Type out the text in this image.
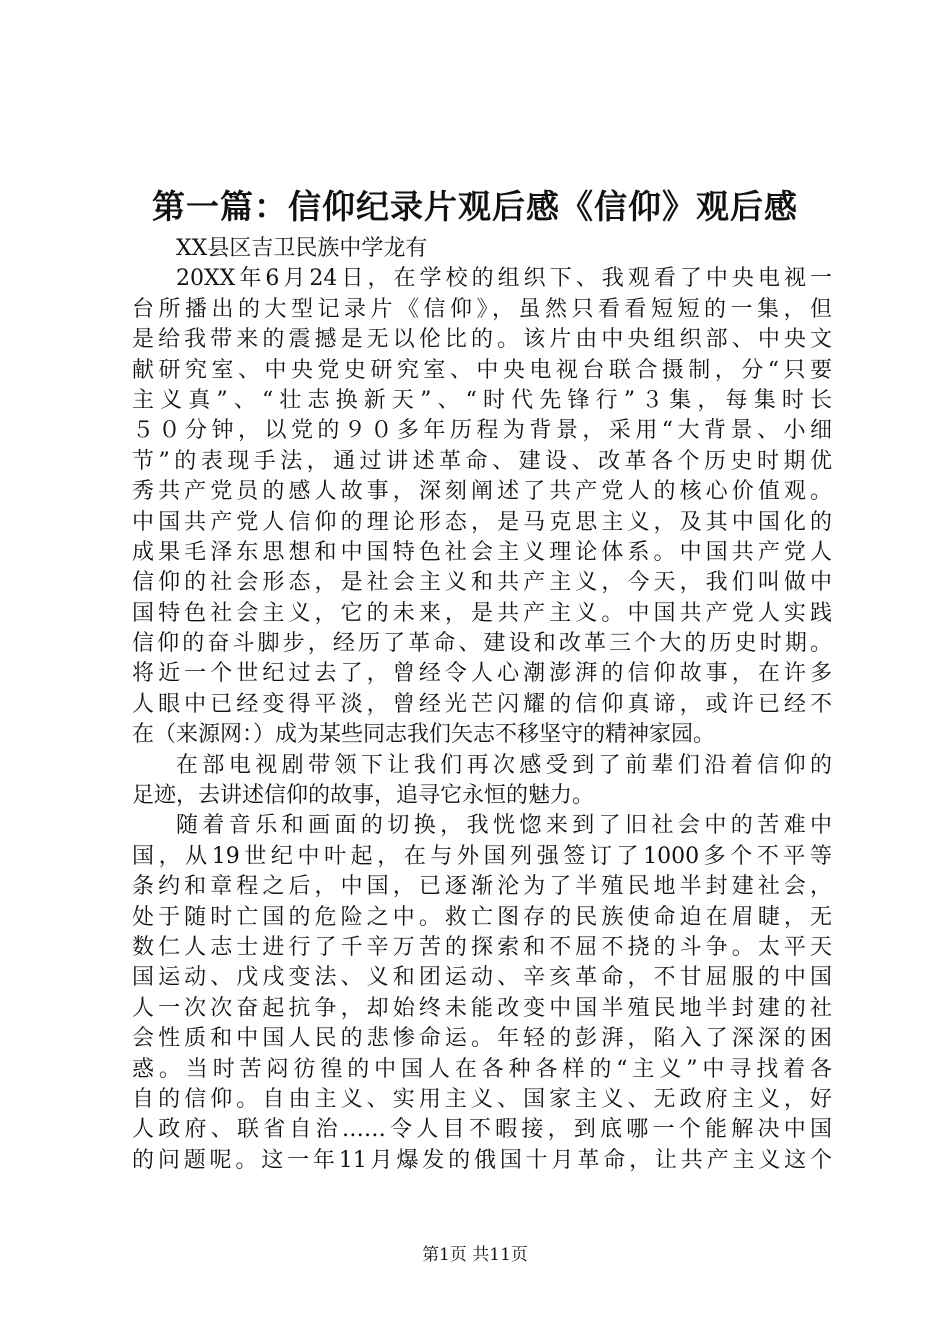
第一篇：信仰纪录片观后感《信仰》观后感
XX县区吉卫民族中学龙有
20XX年6月24日，在学校的组织下、我观看了中央电视一
台所播出的大型记录片《信仰》，虽然只看看短短的一集，但
是给我带来的震撼是无以伦比的。该片由中央组织部、中央文
献研究室、中央党史研究室、中央电视台联合摄制，分“只要
主义真”、“壮志换新天”、“时代先锋行”３集，每集时长
５０分钟，以党的９０多年历程为背景，采用“大背景、小细
节”的表现手法，通过讲述革命、建设、改革各个历史时期优
秀共产党员的感人故事，深刻阐述了共产党人的核心价值观。
中国共产党人信仰的理论形态，是马克思主义，及其中国化的
成果毛泽东思想和中国特色社会主义理论体系。中国共产党人
信仰的社会形态，是社会主义和共产主义，今天，我们叫做中
国特色社会主义，它的未来，是共产主义。中国共产党人实践
信仰的奋斗脚步，经历了革命、建设和改革三个大的历史时期。
将近一个世纪过去了，曾经令人心潮澎湃的信仰故事，在许多
人眼中已经变得平淡，曾经光芒闪耀的信仰真谛，或许已经不
在（来源网：）成为某些同志我们矢志不移坚守的精神家园。
在部电视剧带领下让我们再次感受到了前辈们沿着信仰的
足迹，去讲述信仰的故事，追寻它永恒的魅力。
随着音乐和画面的切换，我恍惚来到了旧社会中的苦难中
国，从19世纪中叶起，在与外国列强签订了1000多个不平等
条约和章程之后，中国，已逐渐沦为了半殖民地半封建社会，
处于随时亡国的危险之中。救亡图存的民族使命迫在眉睫，无
数仁人志士进行了千辛万苦的探索和不屈不挠的斗争。太平天
国运动、戊戌变法、义和团运动、辛亥革命，不甘屈服的中国
人一次次奋起抗争，却始终未能改变中国半殖民地半封建的社
会性质和中国人民的悲惨命运。年轻的彭湃，陷入了深深的困
惑。当时苦闷彷徨的中国人在各种各样的“主义”中寻找着各
自的信仰。自由主义、实用主义、国家主义、无政府主义，好
人政府、联省自治……令人目不暇接，到底哪一个能解决中国
的问题呢。这一年11月爆发的俄国十月革命，让共产主义这个
第1页 共11页
